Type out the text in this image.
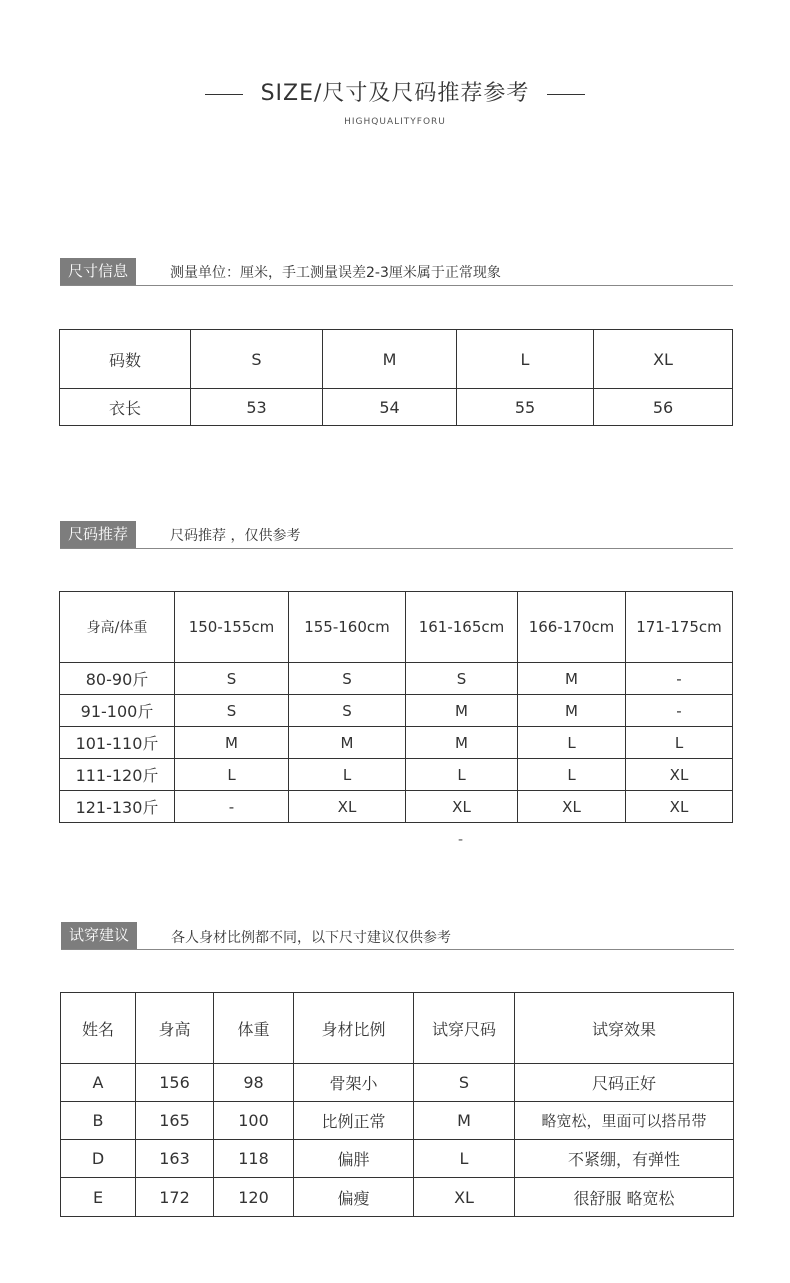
SIZE/尺寸及尺码推荐参考
HIGHQUALITYFORU
尺寸信息	测量单位：厘米，手工测量误差2-3厘米属于正常现象
码数	S	M	L	XL
衣长	53	54	55	56
尺码推荐	尺码推荐 ，仅供参考
身高/体重	150-155cm	155-160cm	161-165cm	166-170cm	171-175cm
80-90斤	S	S	S	M	-
91-100斤	S	S	M	M	-
101-110斤	M	M	M	L	L
111-120斤	L	L	L	L	XL
121-130斤	-	XL	XL	XL	XL
-
试穿建议	各人身材比例都不同，以下尺寸建议仅供参考
姓名	身高	体重	身材比例	试穿尺码	试穿效果
A	156	98	骨架小	S	尺码正好
B	165	100	比例正常	M	略宽松，里面可以搭吊带
D	163	118	偏胖	L	不紧绷，有弹性
E	172	120	偏瘦	XL	很舒服 略宽松
